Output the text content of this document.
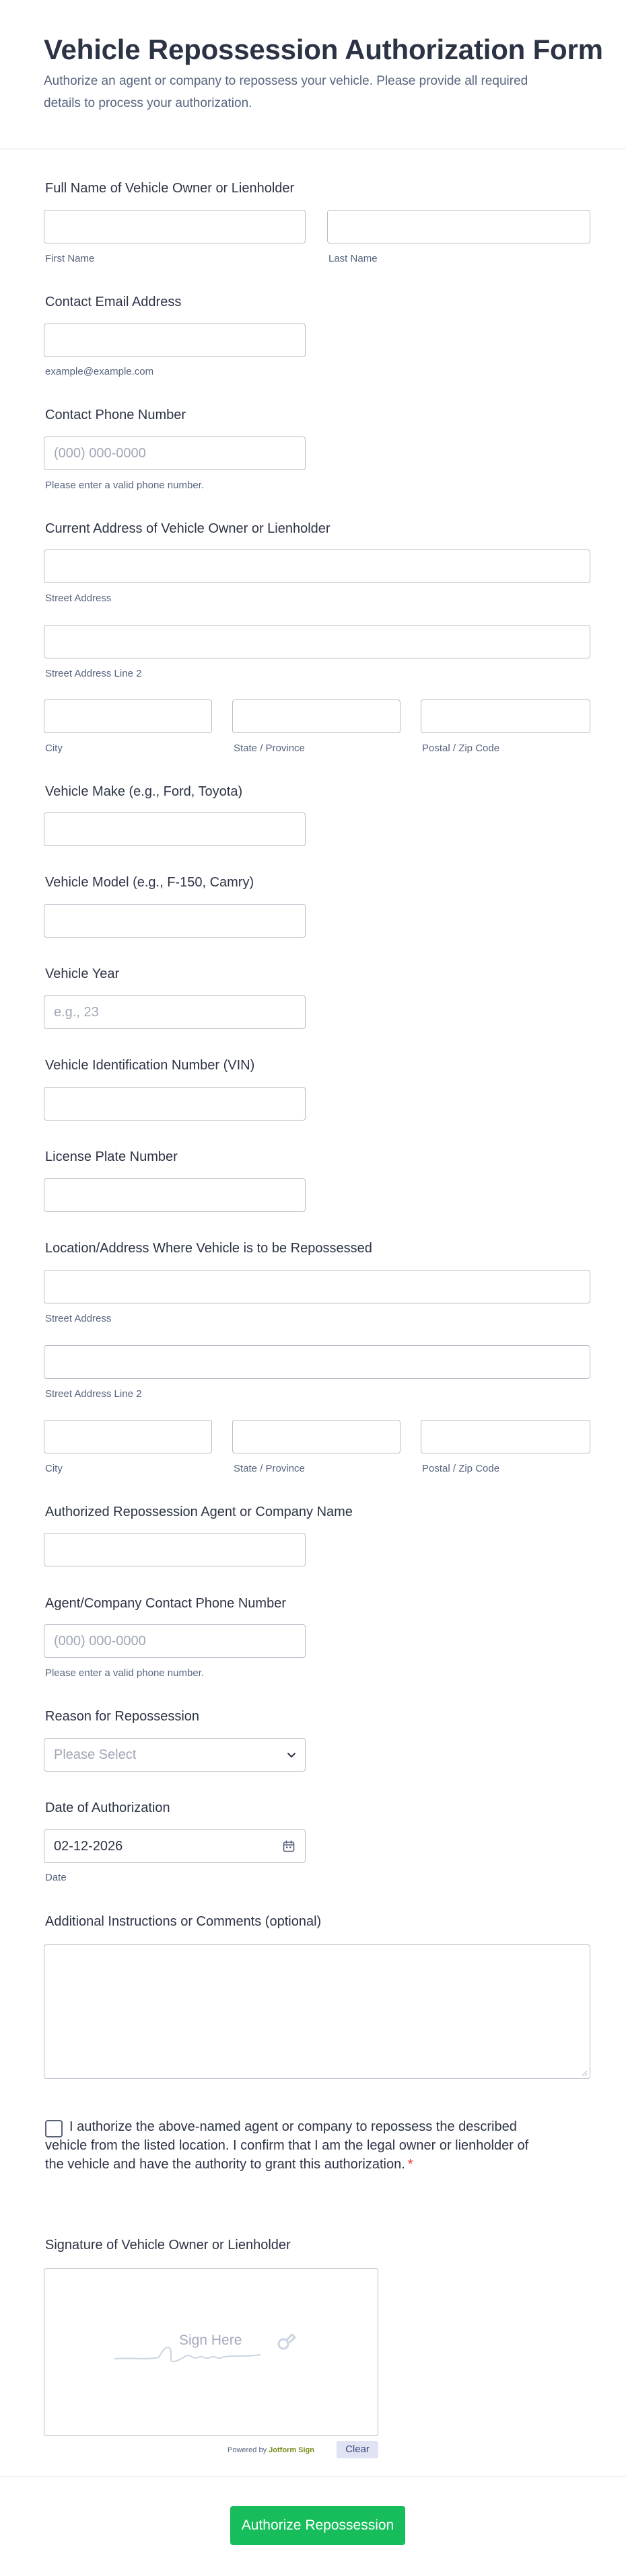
Vehicle Repossession Authorization Form
Authorize an agent or company to repossess your vehicle. Please provide all required details to process your authorization.
Full Name of Vehicle Owner or Lienholder
First Name	Last Name
Contact Email Address
example@example.com
Contact Phone Number
(000) 000-0000
Please enter a valid phone number.
Current Address of Vehicle Owner or Lienholder
Street Address
Street Address Line 2
City	State / Province	Postal / Zip Code
Vehicle Make (e.g., Ford, Toyota)
Vehicle Model (e.g., F-150, Camry)
Vehicle Year
e.g., 23
Vehicle Identification Number (VIN)
License Plate Number
Location/Address Where Vehicle is to be Repossessed
Street Address
Street Address Line 2
City	State / Province	Postal / Zip Code
Authorized Repossession Agent or Company Name
Agent/Company Contact Phone Number
(000) 000-0000
Please enter a valid phone number.
Reason for Repossession
Please Select
Date of Authorization
02-12-2026
Date
Additional Instructions or Comments (optional)
I authorize the above-named agent or company to repossess the described vehicle from the listed location. I confirm that I am the legal owner or lienholder of the vehicle and have the authority to grant this authorization. *
Signature of Vehicle Owner or Lienholder
Sign Here
Powered by Jotform Sign	Clear
Authorize Repossession
